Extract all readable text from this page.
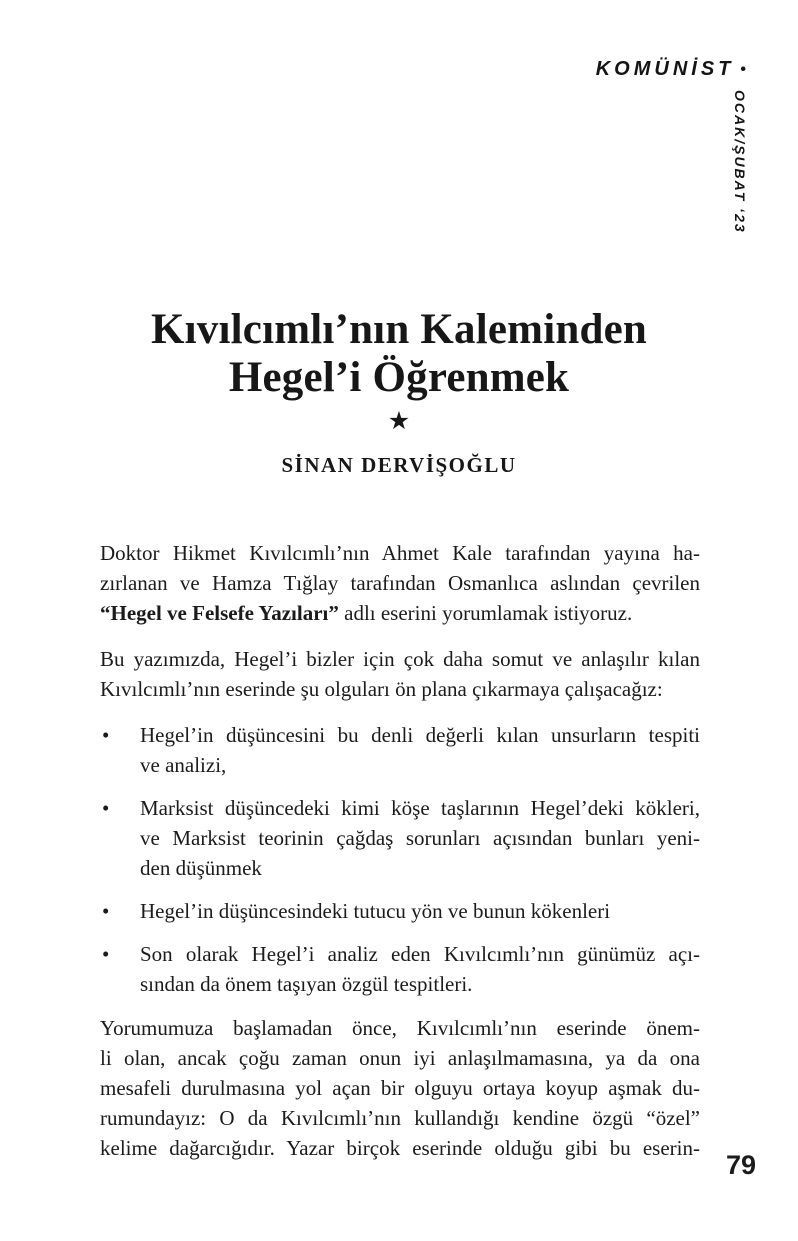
KOMÜNİST •
OCAK/ŞUBAT ‘23
Kıvılcımlı’nın Kaleminden
Hegel’i Öğrenmek
★
SİNAN DERVİŞOĞLU
Doktor Hikmet Kıvılcımlı’nın Ahmet Kale tarafından yayına ha-
zırlanan ve Hamza Tığlay tarafından Osmanlıca aslından çevrilen
“Hegel ve Felsefe Yazıları” adlı eserini yorumlamak istiyoruz.
Bu yazımızda, Hegel’i bizler için çok daha somut ve anlaşılır kılan
Kıvılcımlı’nın eserinde şu olguları ön plana çıkarmaya çalışacağız:
• Hegel’in düşüncesini bu denli değerli kılan unsurların tespiti
ve analizi,
• Marksist düşüncedeki kimi köşe taşlarının Hegel’deki kökleri,
ve Marksist teorinin çağdaş sorunları açısından bunları yeni-
den düşünmek
• Hegel’in düşüncesindeki tutucu yön ve bunun kökenleri
• Son olarak Hegel’i analiz eden Kıvılcımlı’nın günümüz açı-
sından da önem taşıyan özgül tespitleri.
Yorumumuza başlamadan önce, Kıvılcımlı’nın eserinde önem-
li olan, ancak çoğu zaman onun iyi anlaşılmamasına, ya da ona
mesafeli durulmasına yol açan bir olguyu ortaya koyup aşmak du-
rumundayız: O da Kıvılcımlı’nın kullandığı kendine özgü “özel”
kelime dağarcığıdır. Yazar birçok eserinde olduğu gibi bu eserin-
79
